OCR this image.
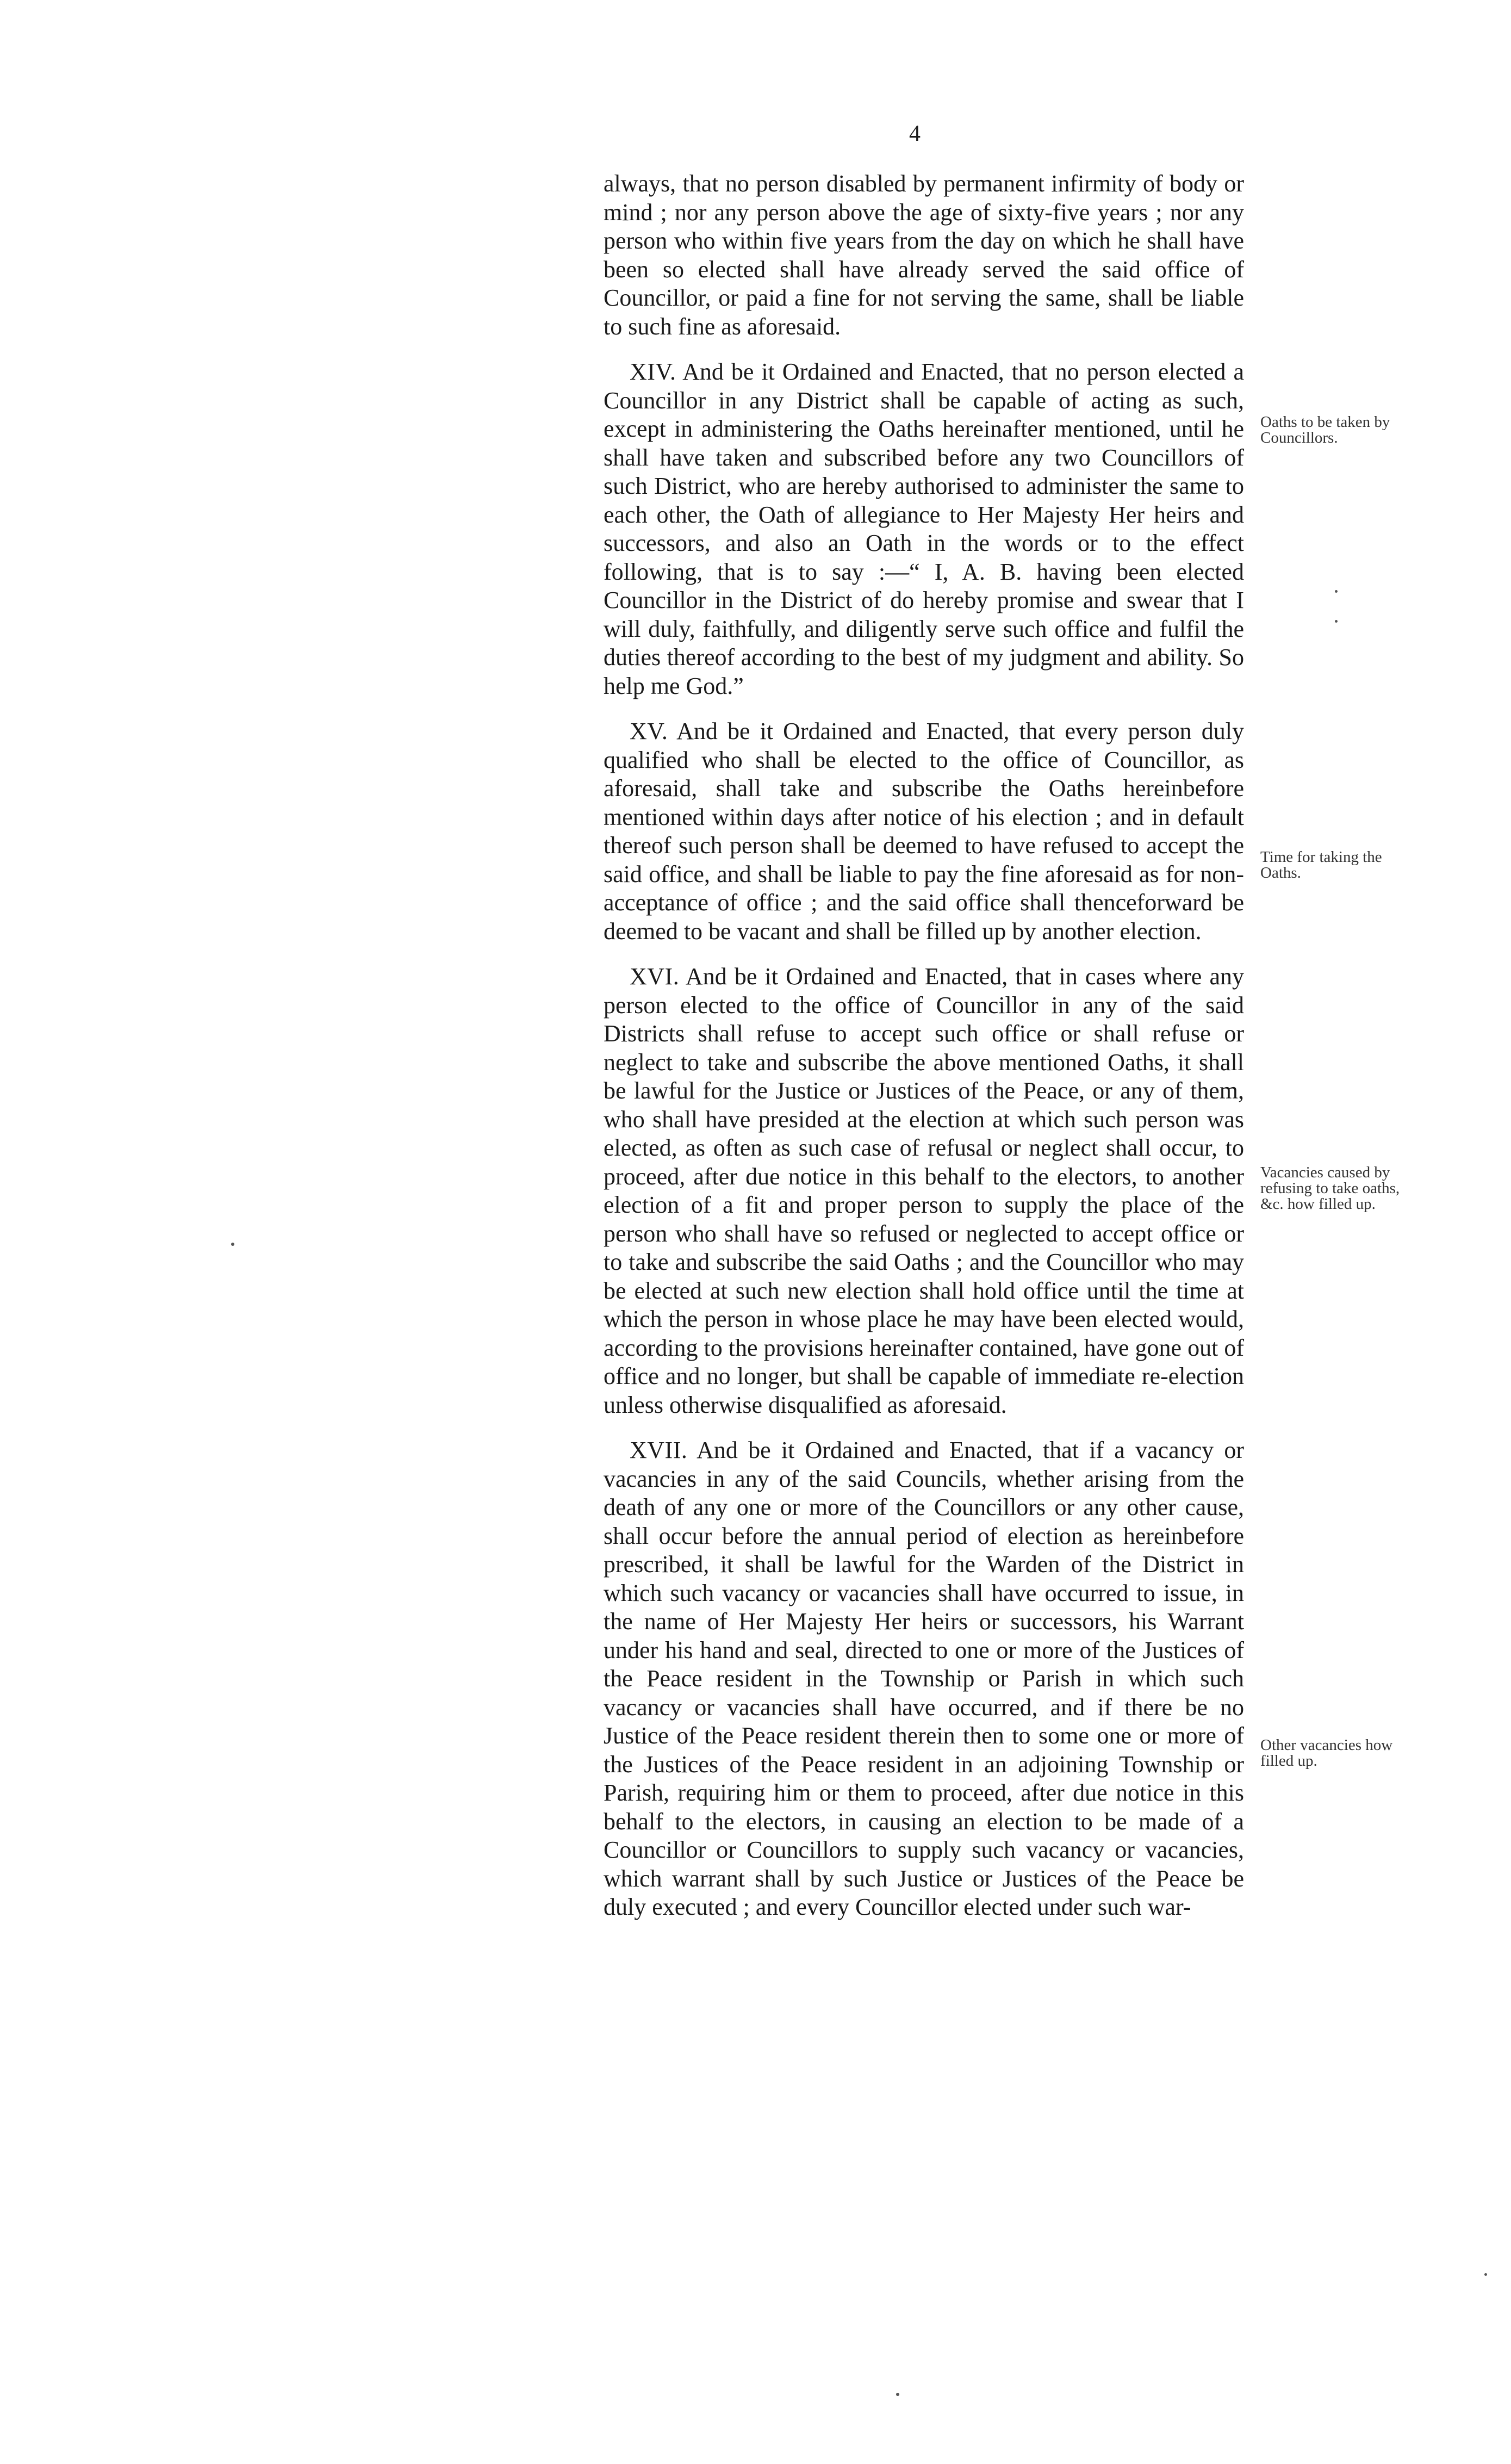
4

always, that no person disabled by permanent infirmity of body or mind ; nor any person above the age of sixty-five years ; nor any person who within five years from the day on which he shall have been so elected shall have already served the said office of Councillor, or paid a fine for not serving the same, shall be liable to such fine as aforesaid.

XIV. And be it Ordained and Enacted, that no person elected a Councillor in any District shall be capable of acting as such, except in administering the Oaths hereinafter mentioned, until he shall have taken and subscribed before any two Councillors of such District, who are hereby authorised to administer the same to each other, the Oath of allegiance to Her Majesty Her heirs and successors, and also an Oath in the words or to the effect following, that is to say :—“ I, A. B. having been elected Councillor in the District of do hereby promise and swear that I will duly, faithfully, and diligently serve such office and fulfil the duties thereof according to the best of my judgment and ability. So help me God.”

XV. And be it Ordained and Enacted, that every person duly qualified who shall be elected to the office of Councillor, as aforesaid, shall take and subscribe the Oaths hereinbefore mentioned within days after notice of his election ; and in default thereof such person shall be deemed to have refused to accept the said office, and shall be liable to pay the fine aforesaid as for non-acceptance of office ; and the said office shall thenceforward be deemed to be vacant and shall be filled up by another election.

XVI. And be it Ordained and Enacted, that in cases where any person elected to the office of Councillor in any of the said Districts shall refuse to accept such office or shall refuse or neglect to take and subscribe the above mentioned Oaths, it shall be lawful for the Justice or Justices of the Peace, or any of them, who shall have presided at the election at which such person was elected, as often as such case of refusal or neglect shall occur, to proceed, after due notice in this behalf to the electors, to another election of a fit and proper person to supply the place of the person who shall have so refused or neglected to accept office or to take and subscribe the said Oaths ; and the Councillor who may be elected at such new election shall hold office until the time at which the person in whose place he may have been elected would, according to the provisions hereinafter contained, have gone out of office and no longer, but shall be capable of immediate re-election unless otherwise disqualified as aforesaid.

XVII. And be it Ordained and Enacted, that if a vacancy or vacancies in any of the said Councils, whether arising from the death of any one or more of the Councillors or any other cause, shall occur before the annual period of election as hereinbefore prescribed, it shall be lawful for the Warden of the District in which such vacancy or vacancies shall have occurred to issue, in the name of Her Majesty Her heirs or successors, his Warrant under his hand and seal, directed to one or more of the Justices of the Peace resident in the Township or Parish in which such vacancy or vacancies shall have occurred, and if there be no Justice of the Peace resident therein then to some one or more of the Justices of the Peace resident in an adjoining Township or Parish, requiring him or them to proceed, after due notice in this behalf to the electors, in causing an election to be made of a Councillor or Councillors to supply such vacancy or vacancies, which warrant shall by such Justice or Justices of the Peace be duly executed ; and every Councillor elected under such war-

Oaths to be taken by Councillors.
Time for taking the Oaths.
Vacancies caused by refusing to take oaths, &c. how filled up.
Other vacancies how filled up.
